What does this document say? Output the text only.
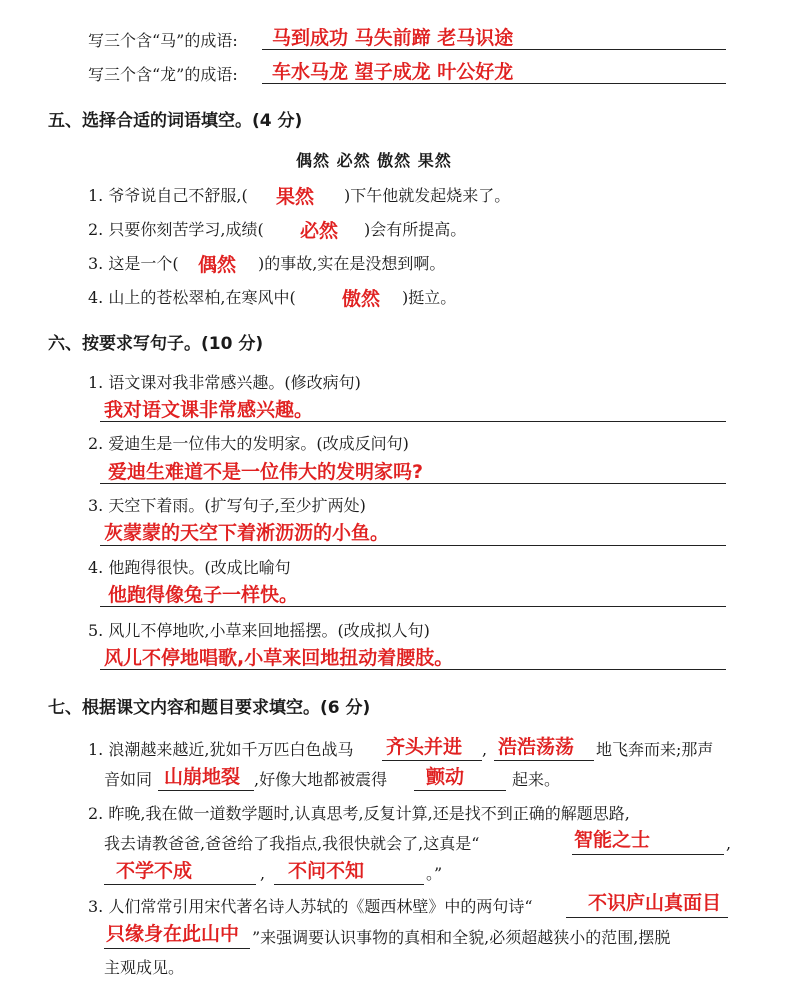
写三个含“马”的成语: 马到成功 马失前蹄 老马识途
写三个含“龙”的成语: 车水马龙 望子成龙 叶公好龙
五、选择合适的词语填空。(4 分)
偶然 必然 傲然 果然
1. 爷爷说自己不舒服,( 果然 )下午他就发起烧来了。
2. 只要你刻苦学习,成绩( 必然 )会有所提高。
3. 这是一个( 偶然 )的事故,实在是没想到啊。
4. 山上的苍松翠柏,在寒风中( 傲然 )挺立。
六、按要求写句子。(10 分)
1. 语文课对我非常感兴趣。(修改病句)
我对语文课非常感兴趣。
2. 爱迪生是一位伟大的发明家。(改成反问句)
爱迪生难道不是一位伟大的发明家吗?
3. 天空下着雨。(扩写句子,至少扩两处)
灰蒙蒙的天空下着淅沥沥的小鱼。
4. 他跑得很快。(改成比喻句
他跑得像兔子一样快。
5. 风儿不停地吹,小草来回地摇摆。(改成拟人句)
风儿不停地唱歌,小草来回地扭动着腰肢。
七、根据课文内容和题目要求填空。(6 分)
1. 浪潮越来越近,犹如千万匹白色战马 齐头并进 , 浩浩荡荡 地飞奔而来;那声
音如同 山崩地裂 ,好像大地都被震得 颤动	起来。
2. 昨晚,我在做一道数学题时,认真思考,反复计算,还是找不到正确的解题思路,
我去请教爸爸,爸爸给了我指点,我很快就会了,这真是“	智能之士	,
不学不成	, 不问不知	。”
3. 人们常常引用宋代著名诗人苏轼的《题西林壁》中的两句诗“	不识庐山真面目
只缘身在此山中 ”来强调要认识事物的真相和全貌,必须超越狭小的范围,摆脱
主观成见。
